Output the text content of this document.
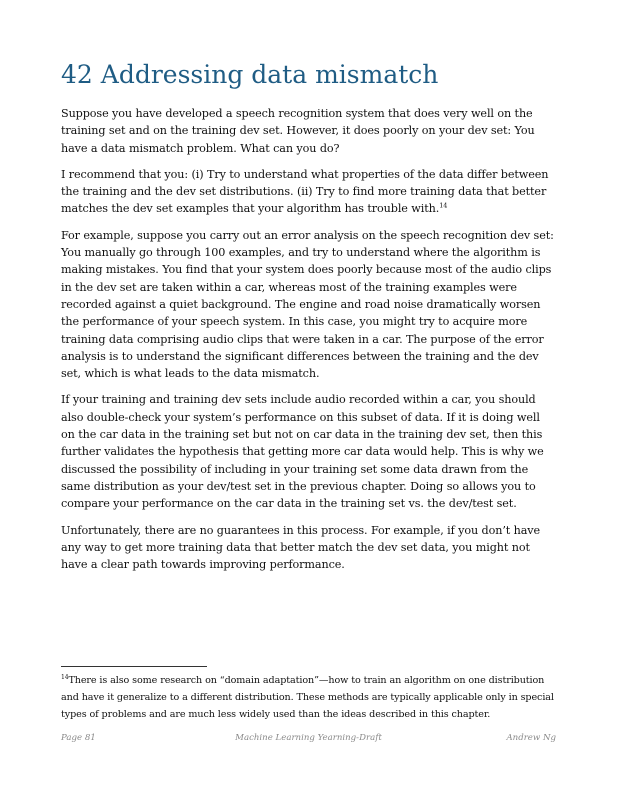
42 Addressing data mismatch

Suppose you have developed a speech recognition system that does very well on the training set and on the training dev set. However, it does poorly on your dev set: You have a data mismatch problem. What can you do?

I recommend that you: (i) Try to understand what properties of the data differ between the training and the dev set distributions. (ii) Try to find more training data that better matches the dev set examples that your algorithm has trouble with.$^{14}$

For example, suppose you carry out an error analysis on the speech recognition dev set: You manually go through 100 examples, and try to understand where the algorithm is making mistakes. You find that your system does poorly because most of the audio clips in the dev set are taken within a car, whereas most of the training examples were recorded against a quiet background. The engine and road noise dramatically worsen the performance of your speech system. In this case, you might try to acquire more training data comprising audio clips that were taken in a car. The purpose of the error analysis is to understand the significant differences between the training and the dev set, which is what leads to the data mismatch.

If your training and training dev sets include audio recorded within a car, you should also double-check your system’s performance on this subset of data. If it is doing well on the car data in the training set but not on car data in the training dev set, then this further validates the hypothesis that getting more car data would help. This is why we discussed the possibility of including in your training set some data drawn from the same distribution as your dev/test set in the previous chapter. Doing so allows you to compare your performance on the car data in the training set vs. the dev/test set.

Unfortunately, there are no guarantees in this process. For example, if you don’t have any way to get more training data that better match the dev set data, you might not have a clear path towards improving performance.

$^{14}$There is also some research on “domain adaptation”—how to train an algorithm on one distribution and have it generalize to a different distribution. These methods are typically applicable only in special types of problems and are much less widely used than the ideas described in this chapter.

Page 81	Machine Learning Yearning-Draft	Andrew Ng
